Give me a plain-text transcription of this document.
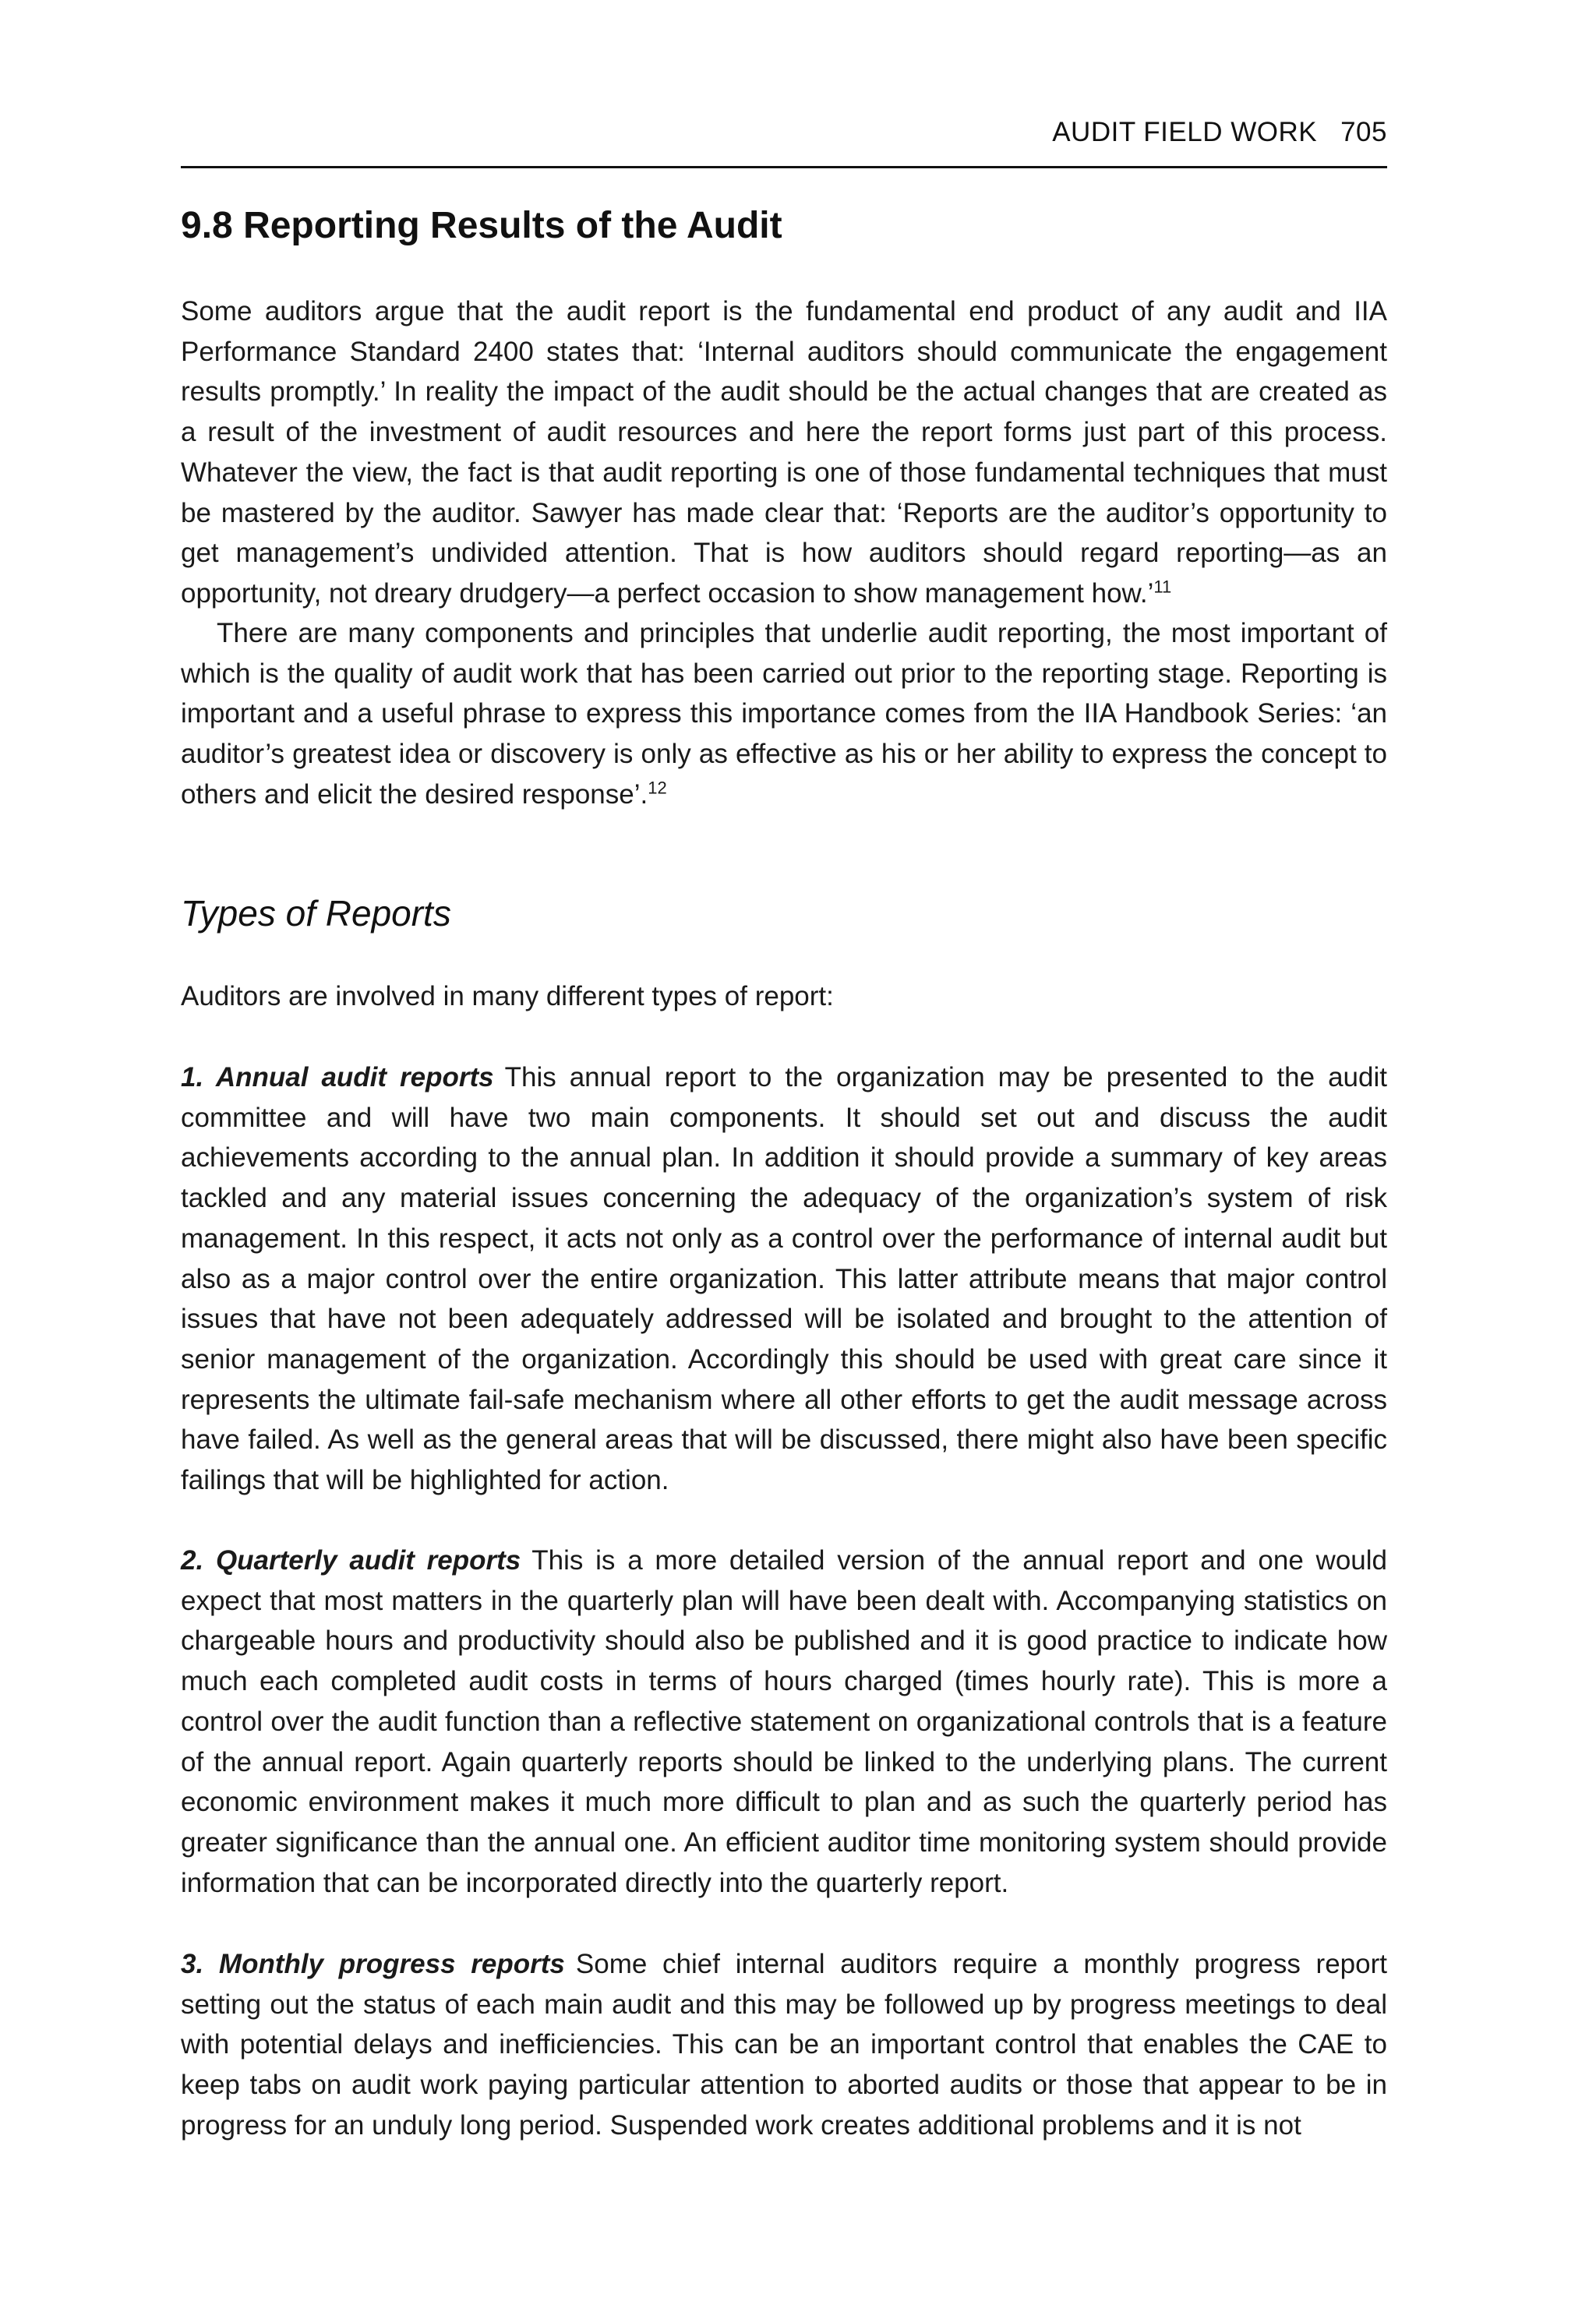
AUDIT FIELD WORK 705
9.8 Reporting Results of the Audit

Some auditors argue that the audit report is the fundamental end product of any audit and IIA Performance Standard 2400 states that: ‘Internal auditors should communicate the engagement results promptly.’ In reality the impact of the audit should be the actual changes that are created as a result of the investment of audit resources and here the report forms just part of this process. Whatever the view, the fact is that audit reporting is one of those fundamental techniques that must be mastered by the auditor. Sawyer has made clear that: ‘Reports are the auditor’s opportunity to get management’s undivided attention. That is how auditors should regard reporting—as an opportunity, not dreary drudgery—a perfect occasion to show management how.’$^{11}$

There are many components and principles that underlie audit reporting, the most important of which is the quality of audit work that has been carried out prior to the reporting stage. Reporting is important and a useful phrase to express this importance comes from the IIA Handbook Series: ‘an auditor’s greatest idea or discovery is only as effective as his or her ability to express the concept to others and elicit the desired response’.$^{12}$

Types of Reports

Auditors are involved in many different types of report:

1. Annual audit reports This annual report to the organization may be presented to the audit committee and will have two main components. It should set out and discuss the audit achievements according to the annual plan. In addition it should provide a summary of key areas tackled and any material issues concerning the adequacy of the organization’s system of risk management. In this respect, it acts not only as a control over the performance of internal audit but also as a major control over the entire organization. This latter attribute means that major control issues that have not been adequately addressed will be isolated and brought to the attention of senior management of the organization. Accordingly this should be used with great care since it represents the ultimate fail-safe mechanism where all other efforts to get the audit message across have failed. As well as the general areas that will be discussed, there might also have been specific failings that will be highlighted for action.

2. Quarterly audit reports This is a more detailed version of the annual report and one would expect that most matters in the quarterly plan will have been dealt with. Accompanying statistics on chargeable hours and productivity should also be published and it is good practice to indicate how much each completed audit costs in terms of hours charged (times hourly rate). This is more a control over the audit function than a reflective statement on organizational controls that is a feature of the annual report. Again quarterly reports should be linked to the underlying plans. The current economic environment makes it much more difficult to plan and as such the quarterly period has greater significance than the annual one. An efficient auditor time monitoring system should provide information that can be incorporated directly into the quarterly report.

3. Monthly progress reports Some chief internal auditors require a monthly progress report setting out the status of each main audit and this may be followed up by progress meetings to deal with potential delays and inefficiencies. This can be an important control that enables the CAE to keep tabs on audit work paying particular attention to aborted audits or those that appear to be in progress for an unduly long period. Suspended work creates additional problems and it is not
